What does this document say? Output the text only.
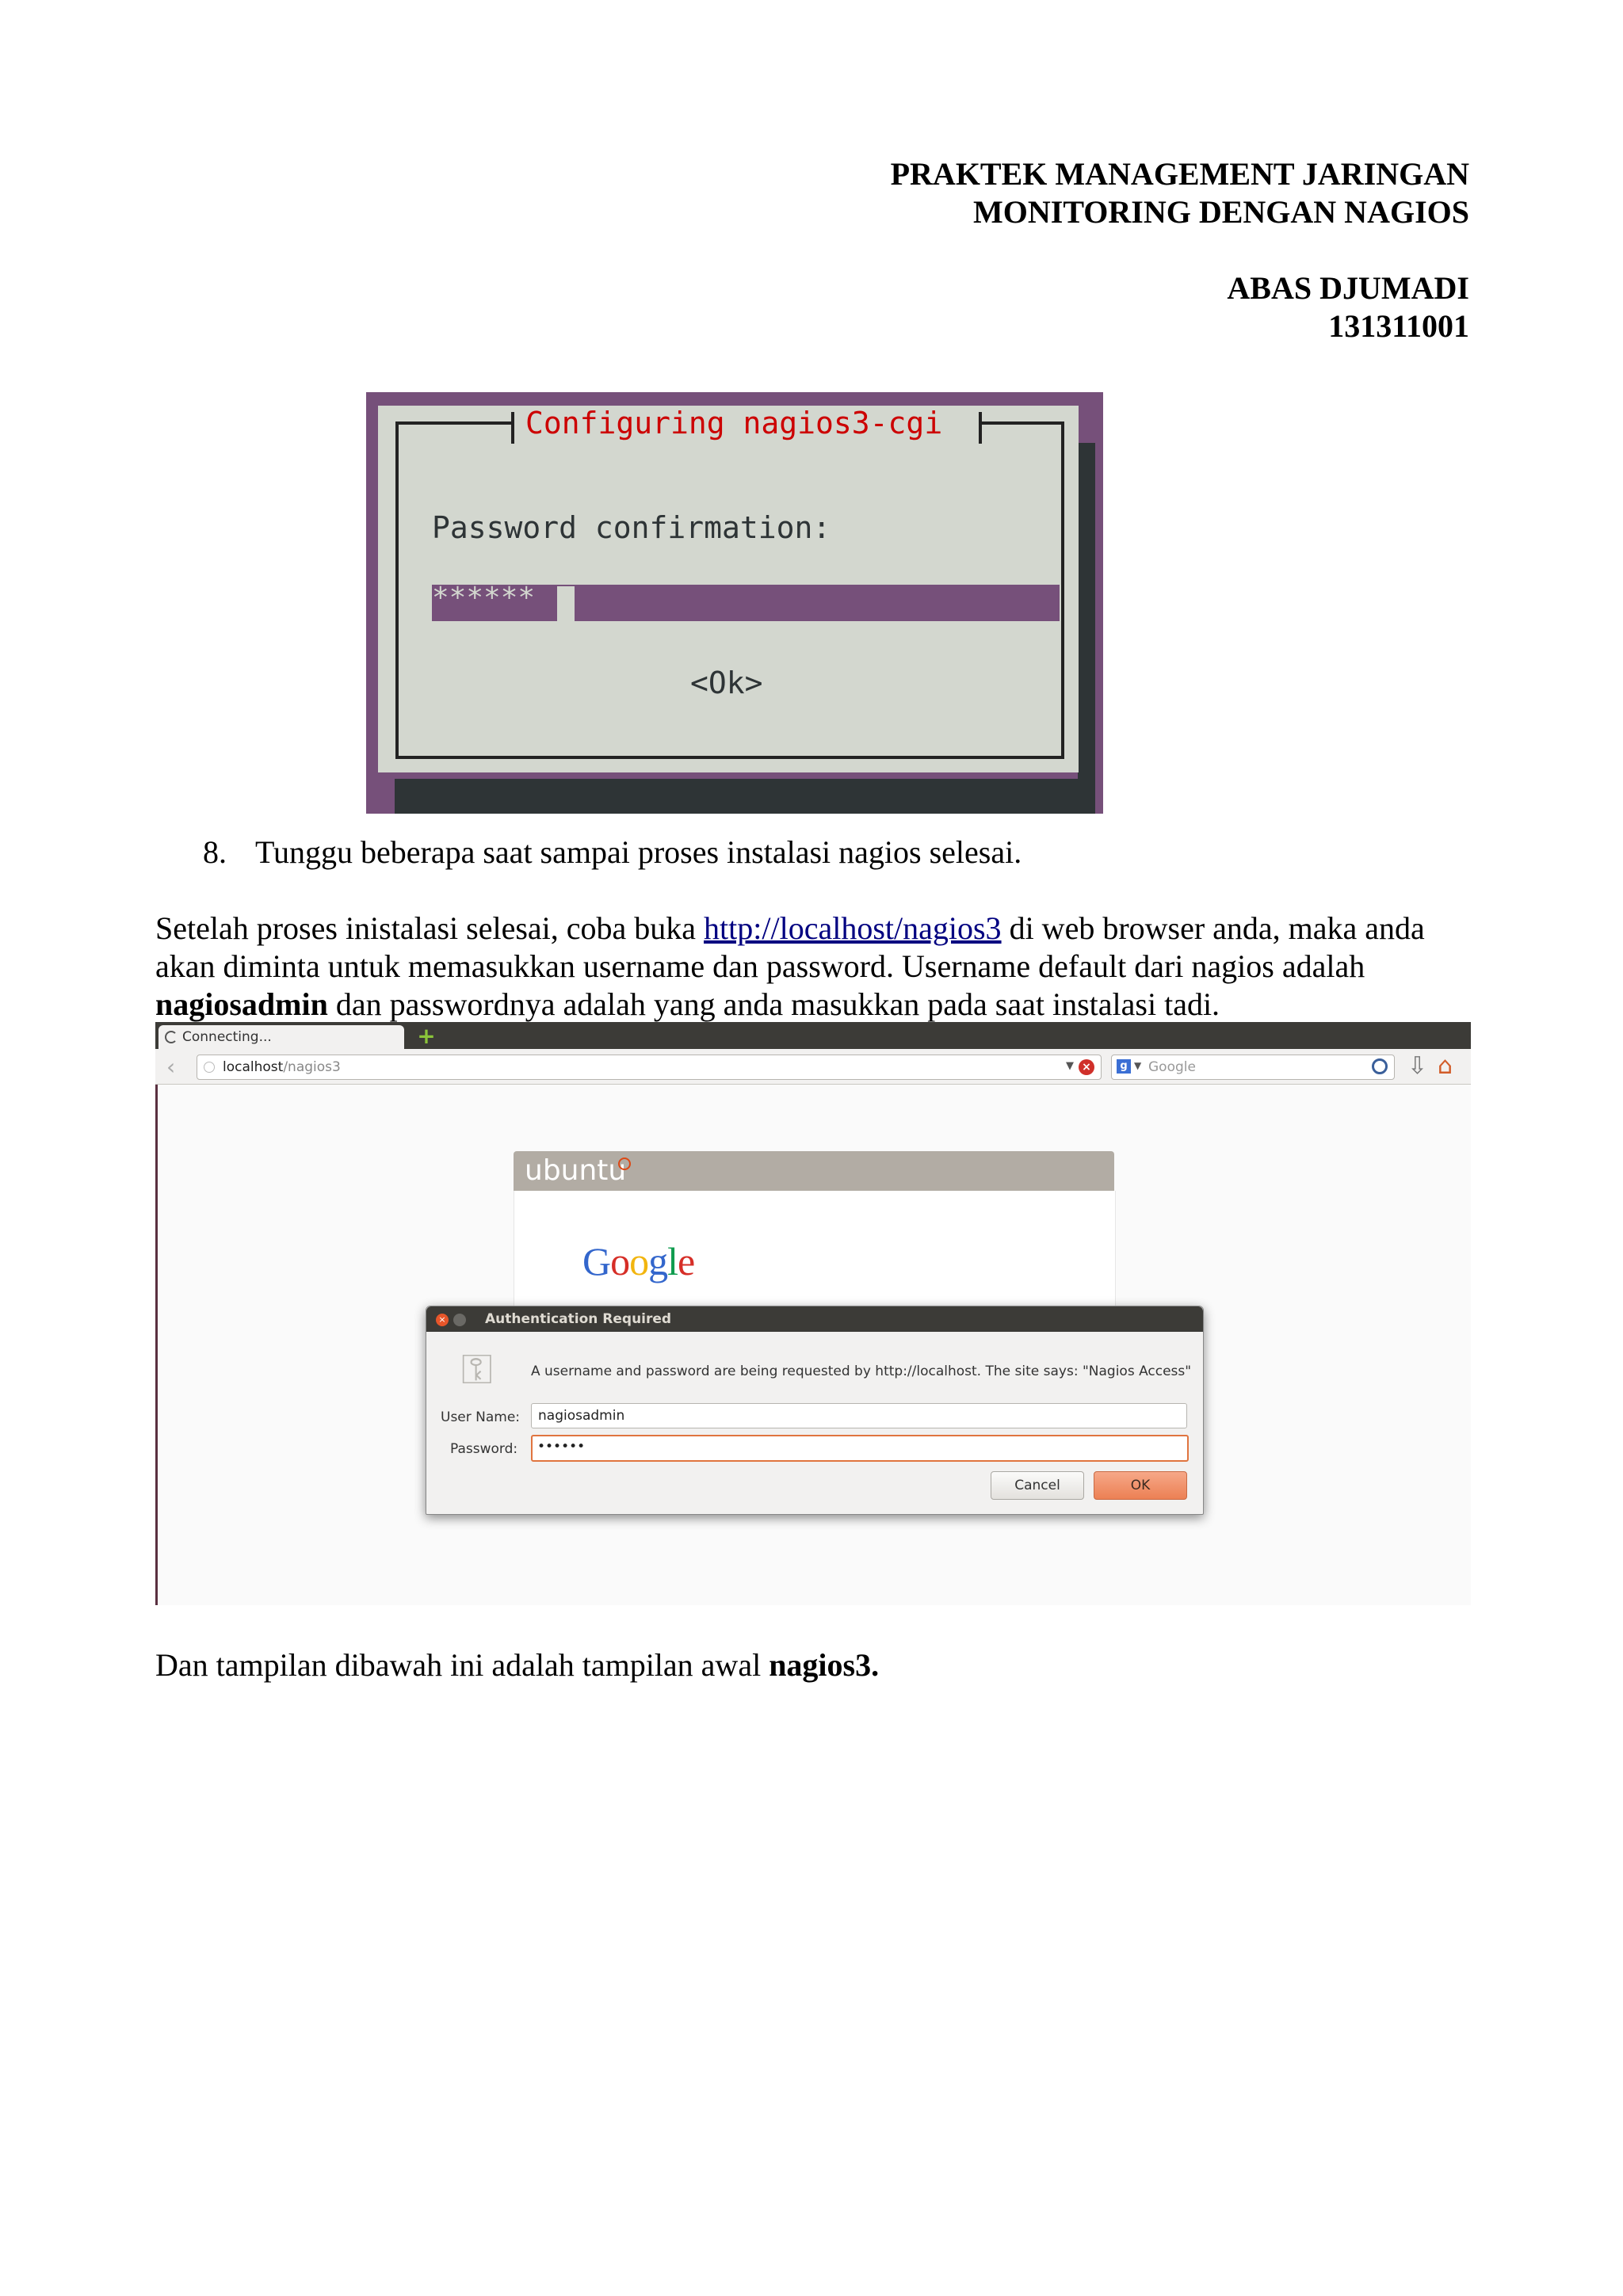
PRAKTEK MANAGEMENT JARINGAN
MONITORING DENGAN NAGIOS
ABAS DJUMADI
131311001
Configuring nagios3-cgi
Password confirmation:
******
<Ok>
8. Tunggu beberapa saat sampai proses instalasi nagios selesai.
Setelah proses inistalasi selesai, coba buka http://localhost/nagios3 di web browser anda, maka anda akan diminta untuk memasukkan username dan password. Username default dari nagios adalah nagiosadmin dan passwordnya adalah yang anda masukkan pada saat instalasi tadi.
Connecting...	+
‹	localhost/nagios3	▼ ×	g ▼ Google	⇩ ⌂
ubuntu
Google
×	Authentication Required
⚿	A username and password are being requested by http://localhost. The site says: "Nagios Access"
User Name: nagiosadmin
Password: ••••••
Cancel	OK
Dan tampilan dibawah ini adalah tampilan awal nagios3.
